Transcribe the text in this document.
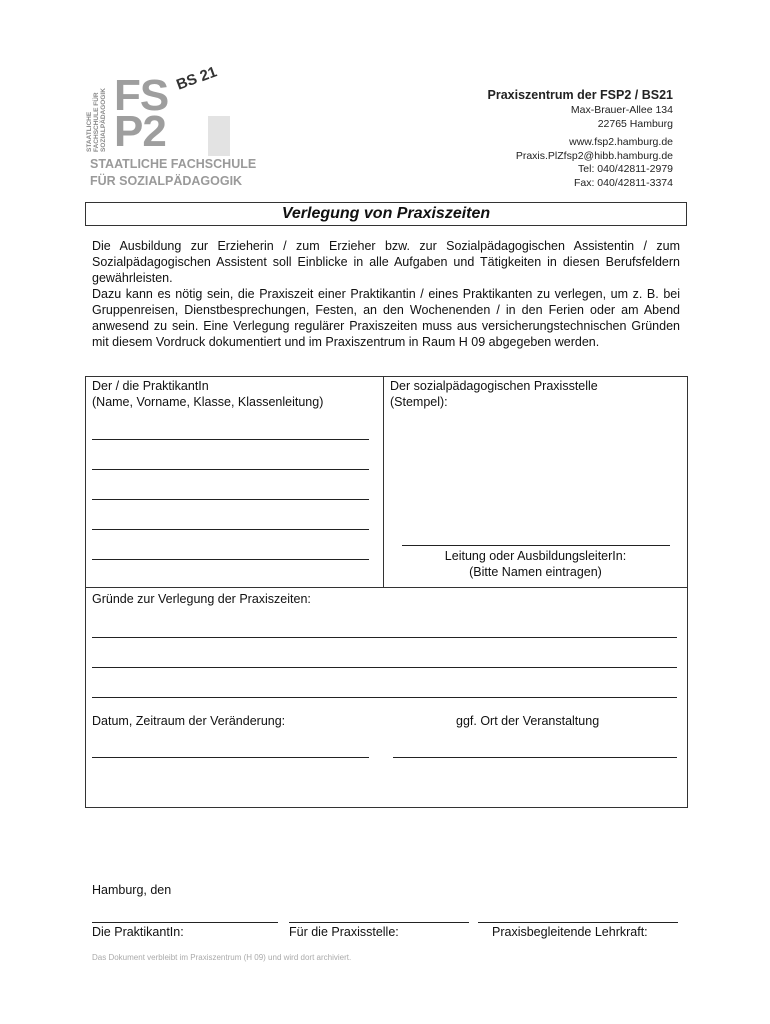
STAATLICHE FACHSCHULE FÜR SOZIALPÄDAGOGIK FS
P2
BS 21
STAATLICHE FACHSCHULE
FÜR SOZIALPÄDAGOGIK
Praxiszentrum der FSP2 / BS21
Max-Brauer-Allee 134
22765 Hamburg
www.fsp2.hamburg.de
Praxis.PlZfsp2@hibb.hamburg.de
Tel: 040/42811-2979
Fax: 040/42811-3374
Verlegung von Praxiszeiten

Die Ausbildung zur Erzieherin / zum Erzieher bzw. zur Sozialpädagogischen Assistentin / zum Sozialpädagogischen Assistent soll Einblicke in alle Aufgaben und Tätigkeiten in diesen Berufsfeldern gewährleisten.

Dazu kann es nötig sein, die Praxiszeit einer Praktikantin / eines Praktikanten zu verlegen, um z. B. bei Gruppenreisen, Dienstbesprechungen, Festen, an den Wochenenden / in den Ferien oder am Abend anwesend zu sein. Eine Verlegung regulärer Praxiszeiten muss aus versicherungstechnischen Gründen mit diesem Vordruck dokumentiert und im Praxiszentrum in Raum H 09 abgegeben werden.

Der / die PraktikantIn
(Name, Vorname, Klasse, Klassenleitung)
Der sozialpädagogischen Praxisstelle
(Stempel):
Leitung oder AusbildungsleiterIn:
(Bitte Namen eintragen)
Gründe zur Verlegung der Praxiszeiten:
Datum, Zeitraum der Veränderung:	ggf. Ort der Veranstaltung
Hamburg, den
Die PraktikantIn:	Für die Praxisstelle:	Praxisbegleitende Lehrkraft:
Das Dokument verbleibt im Praxiszentrum (H 09) und wird dort archiviert.
